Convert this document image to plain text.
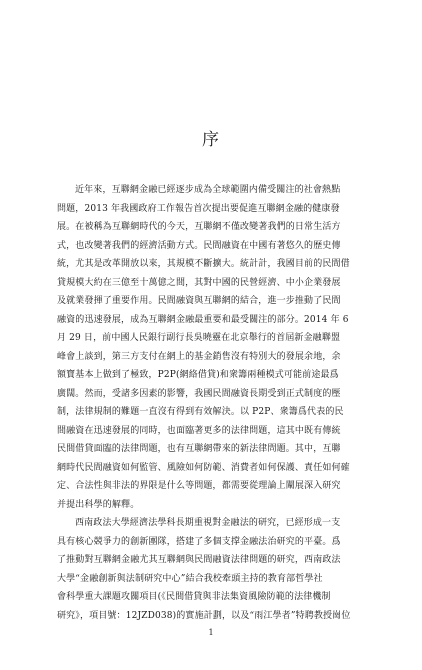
序
近年來，互聯網金融已經逐步成為全球範圍内備受關注的社會熱點
問題，2013 年我國政府工作報告首次提出要促進互聯網金融的健康發
展。在被稱為互聯網時代的今天，互聯網不僅改變著我們的日常生活方
式，也改變著我們的經濟活動方式。民間融資在中國有著悠久的歷史傳
統，尤其是改革開放以來，其規模不斷擴大。統計計，我國目前的民間借
貸規模大約在三億至十萬億之間，其對中國的民營經濟、中小企業發展
及就業發揮了重要作用。民間融資與互聯網的結合，進一步推動了民間
融資的迅速發展，成為互聯網金融最重要和最受關注的部分。2014 年 6
月 29 日，前中國人民銀行副行長吳曉靈在北京舉行的首屆新金融聯盟
峰會上談到，第三方支付在網上的基金銷售沒有特別大的發展余地，余
額寶基本上做到了極致，P2P(網絡借貸)和衆籌兩種模式可能前途最爲
廣闊。然而，受諸多因素的影響，我國民間融資長期受到正式制度的壓
制，法律規制的難題一直沒有得到有效解決。以 P2P、衆籌爲代表的民
間融資在迅速發展的同時，也面臨著更多的法律問題，這其中既有傳統
民間借貸面臨的法律問題，也有互聯網帶來的新法律問題。其中，互聯
網時代民間融資如何監管、風險如何防範、消費者如何保護、責任如何確
定、合法性與非法的界限是什么等問題，都需要從理論上闡展深入研究
并提出科學的解釋。
西南政法大學經濟法學科長期重視對金融法的研究，已經形成一支
具有核心競爭力的創新團隊，搭建了多個支撑金融法治研究的平臺。爲
了推動對互聯網金融尤其互聯網與民間融資法律問題的研究，西南政法
大學“金融創新與法制研究中心”結合我校牽頭主持的教育部哲學社
會科學重大課題攻關項目(《民間借貸與非法集資風險防範的法律機制
研究》，項目號：12JZD038)的實施計劃，以及“雨江學者”特聘教授崗位
1
